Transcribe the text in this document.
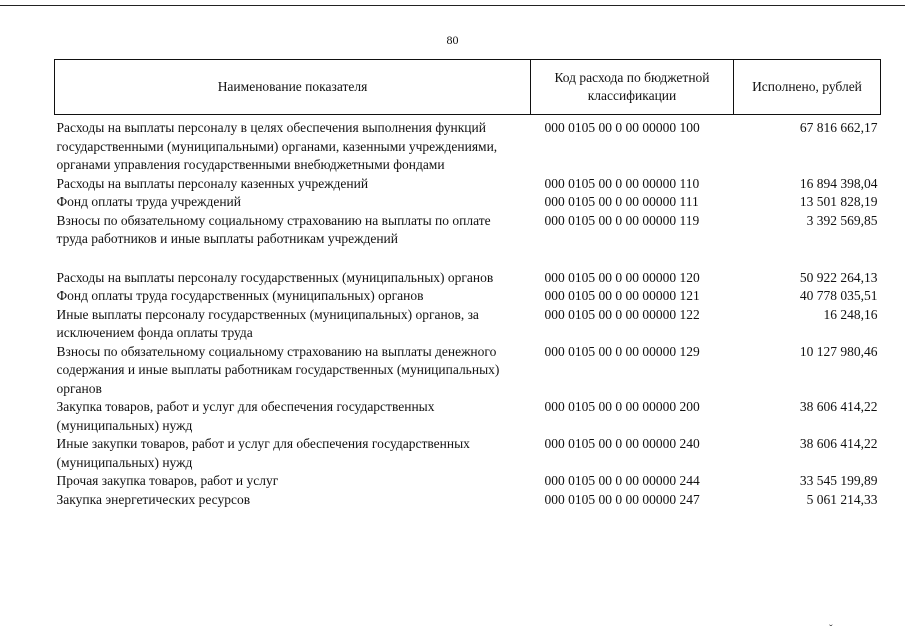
80
Наименование показателя	Код расхода по бюджетной классификации	Исполнено, рублей
Расходы на выплаты персоналу в целях обеспечения выполнения функций государственными (муниципальными) органами, казенными учреждениями, органами управления государственными внебюджетными фондами	000 0105 00 0 00 00000 100	67 816 662,17
Расходы на выплаты персоналу казенных учреждений	000 0105 00 0 00 00000 110	16 894 398,04
Фонд оплаты труда учреждений	000 0105 00 0 00 00000 111	13 501 828,19
Взносы по обязательному социальному страхованию на выплаты по оплате труда работников и иные выплаты работникам учреждений	000 0105 00 0 00 00000 119	3 392 569,85
Расходы на выплаты персоналу государственных (муниципальных) органов	000 0105 00 0 00 00000 120	50 922 264,13
Фонд оплаты труда государственных (муниципальных) органов	000 0105 00 0 00 00000 121	40 778 035,51
Иные выплаты персоналу государственных (муниципальных) органов, за исключением фонда оплаты труда	000 0105 00 0 00 00000 122	16 248,16
Взносы по обязательному социальному страхованию на выплаты денежного содержания и иные выплаты работникам государственных (муниципальных) органов	000 0105 00 0 00 00000 129	10 127 980,46
Закупка товаров, работ и услуг для обеспечения государственных (муниципальных) нужд	000 0105 00 0 00 00000 200	38 606 414,22
Иные закупки товаров, работ и услуг для обеспечения государственных (муниципальных) нужд	000 0105 00 0 00 00000 240	38 606 414,22
Прочая закупка товаров, работ и услуг	000 0105 00 0 00 00000 244	33 545 199,89
Закупка энергетических ресурсов	000 0105 00 0 00 00000 247	5 061 214,33
ˇ
